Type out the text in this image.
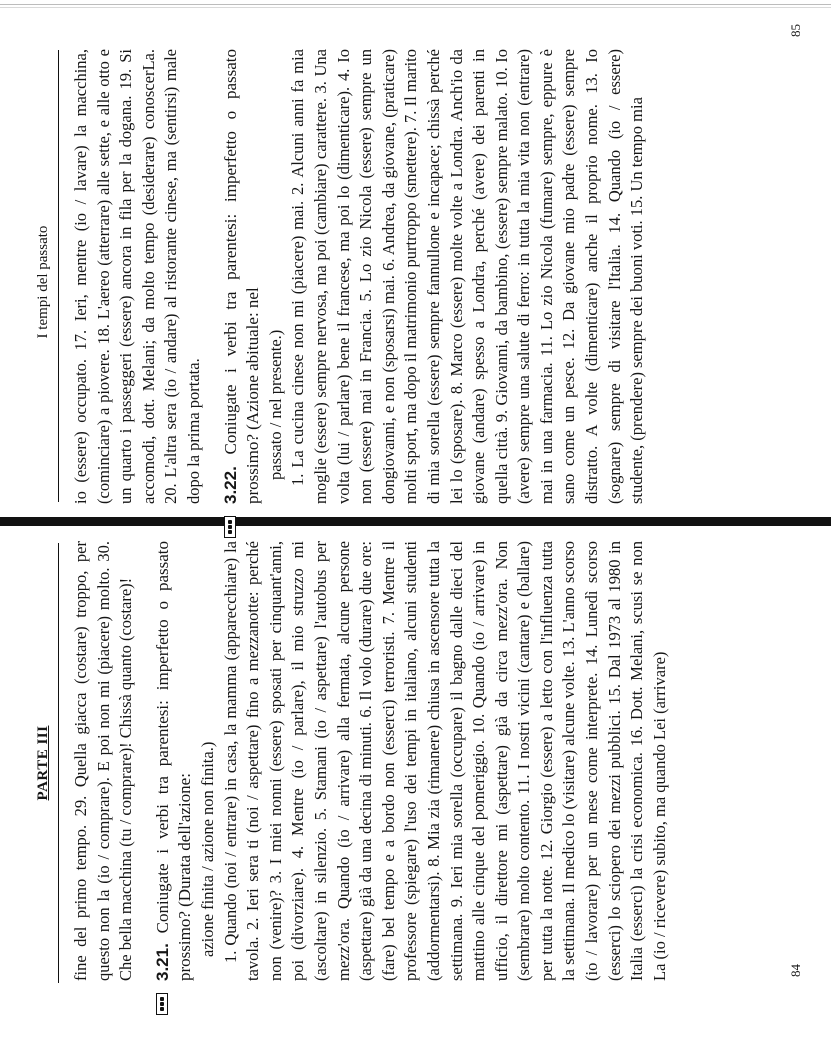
PARTE III fine del primo tempo. 29. Quella giacca (costare) troppo, per questo non la (io / comprare). E poi non mi (piacere) molto. 30. Che bella macchina (tu / comprare)! Chissà quanto (costare)! 3.21. Coniugate i verbi tra parentesi: imperfetto o passato prossimo? (Durata dell'azione: azione finita / azione non finita.) 1. Quando (noi / entrare) in casa, la mamma (apparecchiare) la tavola. 2. Ieri sera ti (noi / aspettare) fino a mezzanotte: perché non (venire)? 3. I miei nonni (essere) sposati per cinquant'anni, poi (divorziare). 4. Mentre (io / parlare), il mio struzzo mi (ascoltare) in silenzio. 5. Stamani (io / aspettare) l'autobus per mezz'ora. Quando (io / arrivare) alla fermata, alcune persone (aspettare) già da una decina di minuti. 6. Il volo (durare) due ore: (fare) bel tempo e a bordo non (esserci) terroristi. 7. Mentre il professore (spiegare) l'uso dei tempi in italiano, alcuni studenti (addormentarsi). 8. Mia zia (rimanere) chiusa in ascensore tutta la settimana. 9. Ieri mia sorella (occupare) il bagno dalle dieci del mattino alle cinque del pomeriggio. 10. Quando (io / arrivare) in ufficio, il direttore mi (aspettare) già da circa mezz'ora. Non (sembrare) molto contento. 11. I nostri vicini (cantare) e (ballare) per tutta la notte. 12. Giorgio (essere) a letto con l'influenza tutta la settimana. Il medico lo (visitare) alcune volte. 13. L'anno scorso (io / lavorare) per un mese come interprete. 14. Lunedì scorso (esserci) lo sciopero dei mezzi pubblici. 15. Dal 1973 al 1980 in Italia (esserci) la crisi economica. 16. Dott. Melani, scusi se non La (io / ricevere) subito, ma quando Lei (arrivare)	84
I tempi del passato io (essere) occupato. 17. Ieri, mentre (io / lavare) la macchina, (cominciare) a piovere. 18. L'aereo (atterrare) alle sette, e alle otto e un quarto i passeggeri (essere) ancora in fila per la dogana. 19. Si accomodi, dott. Melani; da molto tempo (desiderare) conoscerLa. 20. L'altra sera (io / andare) al ristorante cinese, ma (sentirsi) male dopo la prima portata. 3.22. Coniugate i verbi tra parentesi: imperfetto o passato prossimo? (Azione abituale: nel passato / nel presente.) 1. La cucina cinese non mi (piacere) mai. 2. Alcuni anni fa mia moglie (essere) sempre nervosa, ma poi (cambiare) carattere. 3. Una volta (lui / parlare) bene il francese, ma poi lo (dimenticare). 4. Io non (essere) mai in Francia. 5. Lo zio Nicola (essere) sempre un dongiovanni, e non (sposarsi) mai. 6. Andrea, da giovane, (praticare) molti sport, ma dopo il matrimonio purtroppo (smettere). 7. Il marito di mia sorella (essere) sempre fannullone e incapace; chissà perché lei lo (sposare). 8. Marco (essere) molte volte a Londra. Anch'io da giovane (andare) spesso a Londra, perché (avere) dei parenti in quella città. 9. Giovanni, da bambino, (essere) sempre malato. 10. Io (avere) sempre una salute di ferro: in tutta la mia vita non (entrare) mai in una farmacia. 11. Lo zio Nicola (fumare) sempre, eppure è sano come un pesce. 12. Da giovane mio padre (essere) sempre distratto. A volte (dimenticare) anche il proprio nome. 13. Io (sognare) sempre di visitare l'Italia. 14. Quando (io / essere) studente, (prendere) sempre dei buoni voti. 15. Un tempo mia

85
